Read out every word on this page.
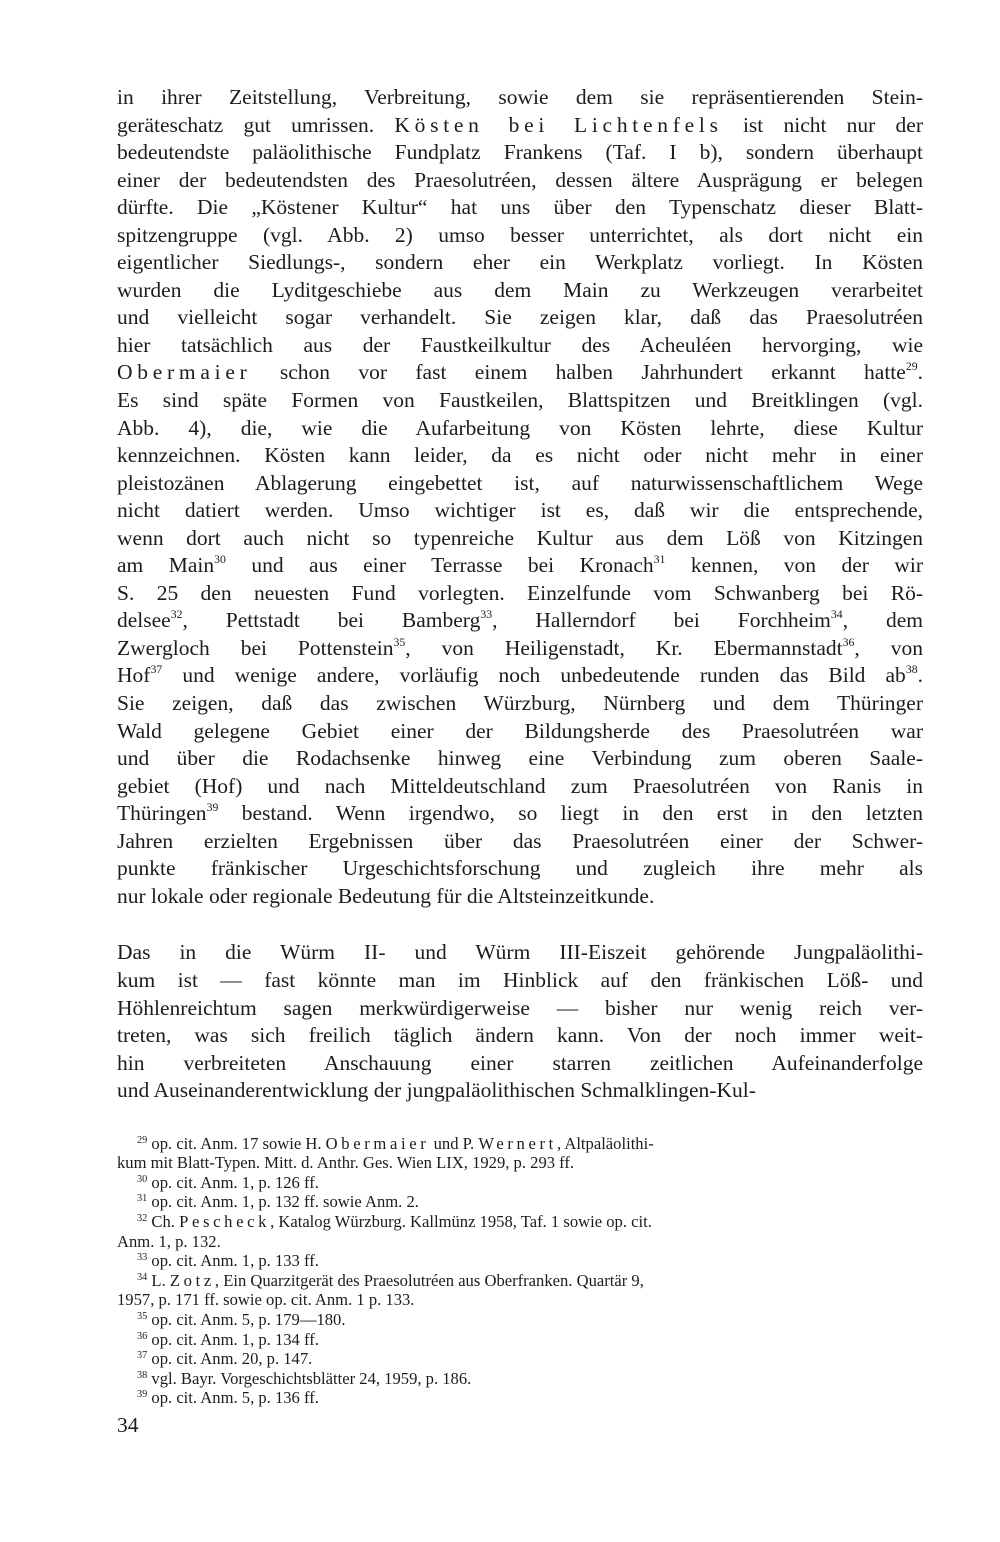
in ihrer Zeitstellung, Verbreitung, sowie dem sie repräsentierenden Stein-
geräteschatz gut umrissen. Kösten bei Lichtenfels ist nicht nur der
bedeutendste paläolithische Fundplatz Frankens (Taf. I b), sondern überhaupt
einer der bedeutendsten des Praesolutréen, dessen ältere Ausprägung er belegen
dürfte. Die „Köstener Kultur“ hat uns über den Typenschatz dieser Blatt-
spitzengruppe (vgl. Abb. 2) umso besser unterrichtet, als dort nicht ein
eigentlicher Siedlungs-, sondern eher ein Werkplatz vorliegt. In Kösten
wurden die Lyditgeschiebe aus dem Main zu Werkzeugen verarbeitet
und vielleicht sogar verhandelt. Sie zeigen klar, daß das Praesolutréen
hier tatsächlich aus der Faustkeilkultur des Acheuléen hervorging, wie
Obermaier schon vor fast einem halben Jahrhundert erkannt hatte$^{29}$.
Es sind späte Formen von Faustkeilen, Blattspitzen und Breitklingen (vgl.
Abb. 4), die, wie die Aufarbeitung von Kösten lehrte, diese Kultur
kennzeichnen. Kösten kann leider, da es nicht oder nicht mehr in einer
pleistozänen Ablagerung eingebettet ist, auf naturwissenschaftlichem Wege
nicht datiert werden. Umso wichtiger ist es, daß wir die entsprechende,
wenn dort auch nicht so typenreiche Kultur aus dem Löß von Kitzingen
am Main$^{30}$ und aus einer Terrasse bei Kronach$^{31}$ kennen, von der wir
S. 25 den neuesten Fund vorlegten. Einzelfunde vom Schwanberg bei Rö-
delsee$^{32}$, Pettstadt bei Bamberg$^{33}$, Hallerndorf bei Forchheim$^{34}$, dem
Zwergloch bei Pottenstein$^{35}$, von Heiligenstadt, Kr. Ebermannstadt$^{36}$, von
Hof$^{37}$ und wenige andere, vorläufig noch unbedeutende runden das Bild $ab^{38}$.
Sie zeigen, daß das zwischen Würzburg, Nürnberg und dem Thüringer
Wald gelegene Gebiet einer der Bildungsherde des Praesolutréen war
und über die Rodachsenke hinweg eine Verbindung zum oberen Saale-
gebiet (Hof) und nach Mitteldeutschland zum Praesolutréen von Ranis in
Thüringen$^{39}$ bestand. Wenn irgendwo, so liegt in den erst in den letzten
Jahren erzielten Ergebnissen über das Praesolutréen einer der Schwer-
punkte fränkischer Urgeschichtsforschung und zugleich ihre mehr als
nur lokale oder regionale Bedeutung für die Altsteinzeitkunde.

Das in die Würm II- und Würm III-Eiszeit gehörende Jungpaläolithi-
kum ist — fast könnte man im Hinblick auf den fränkischen Löß- und
Höhlenreichtum sagen merkwürdigerweise — bisher nur wenig reich ver-
treten, was sich freilich täglich ändern kann. Von der noch immer weit-
hin verbreiteten Anschauung einer starren zeitlichen Aufeinanderfolge
und Auseinanderentwicklung der jungpaläolithischen Schmalklingen-Kul-

$^{29}$ op. cit. Anm. 17 sowie H. Obermaier und P. Wernert, Altpaläolithi-
kum mit Blatt-Typen. Mitt. d. Anthr. Ges. Wien LIX, 1929, p. 293 ff.
$^{30}$ op. cit. Anm. 1, p. 126 ff.
$^{31}$ op. cit. Anm. 1, p. 132 ff. sowie Anm. 2.
$^{32}$ Ch. Pescheck, Katalog Würzburg. Kallmünz 1958, Taf. 1 sowie op. cit.
Anm. 1, p. 132.
$^{33}$ op. cit. Anm. 1, p. 133 ff.
$^{34}$ L. Zotz, Ein Quarzitgerät des Praesolutréen aus Oberfranken. Quartär 9,
1957, p. 171 ff. sowie op. cit. Anm. 1 p. 133.
$^{35}$ op. cit. Anm. 5, p. 179—180.
$^{36}$ op. cit. Anm. 1, p. 134 ff.
$^{37}$ op. cit. Anm. 20, p. 147.
$^{38}$ vgl. Bayr. Vorgeschichtsblätter 24, 1959, p. 186.
$^{39}$ op. cit. Anm. 5, p. 136 ff.
34
